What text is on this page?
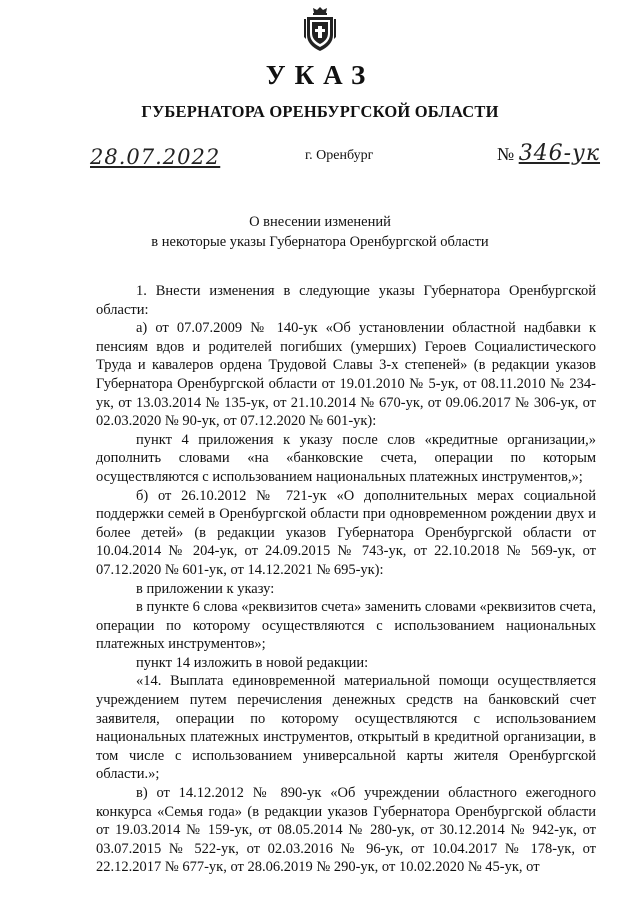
УКАЗ
ГУБЕРНАТОРА ОРЕНБУРГСКОЙ ОБЛАСТИ
28.07.2022	г. Оренбург	№ 346-ук
О внесении изменений
в некоторые указы Губернатора Оренбургской области

1. Внести изменения в следующие указы Губернатора Оренбургской области:

а) от 07.07.2009 № 140-ук «Об установлении областной надбавки к пенсиям вдов и родителей погибших (умерших) Героев Социалистического Труда и кавалеров ордена Трудовой Славы 3-х степеней» (в редакции указов Губернатора Оренбургской области от 19.01.2010 № 5-ук, от 08.11.2010 № 234-ук, от 13.03.2014 № 135-ук, от 21.10.2014 № 670-ук, от 09.06.2017 № 306-ук, от 02.03.2020 № 90-ук, от 07.12.2020 № 601-ук):

пункт 4 приложения к указу после слов «кредитные организации,» дополнить словами «на «банковские счета, операции по которым осуществляются с использованием национальных платежных инструментов,»;

б) от 26.10.2012 № 721-ук «О дополнительных мерах социальной поддержки семей в Оренбургской области при одновременном рождении двух и более детей» (в редакции указов Губернатора Оренбургской области от 10.04.2014 № 204-ук, от 24.09.2015 № 743-ук, от 22.10.2018 № 569-ук, от 07.12.2020 № 601-ук, от 14.12.2021 № 695-ук):

в приложении к указу:

в пункте 6 слова «реквизитов счета» заменить словами «реквизитов счета, операции по которому осуществляются с использованием национальных платежных инструментов»;

пункт 14 изложить в новой редакции:

«14. Выплата единовременной материальной помощи осуществляется учреждением путем перечисления денежных средств на банковский счет заявителя, операции по которому осуществляются с использованием национальных платежных инструментов, открытый в кредитной организации, в том числе с использованием универсальной карты жителя Оренбургской области.»;

в) от 14.12.2012 № 890-ук «Об учреждении областного ежегодного конкурса «Семья года» (в редакции указов Губернатора Оренбургской области от 19.03.2014 № 159-ук, от 08.05.2014 № 280-ук, от 30.12.2014 № 942-ук, от 03.07.2015 № 522-ук, от 02.03.2016 № 96-ук, от 10.04.2017 № 178-ук, от 22.12.2017 № 677-ук, от 28.06.2019 № 290-ук, от 10.02.2020 № 45-ук, от
